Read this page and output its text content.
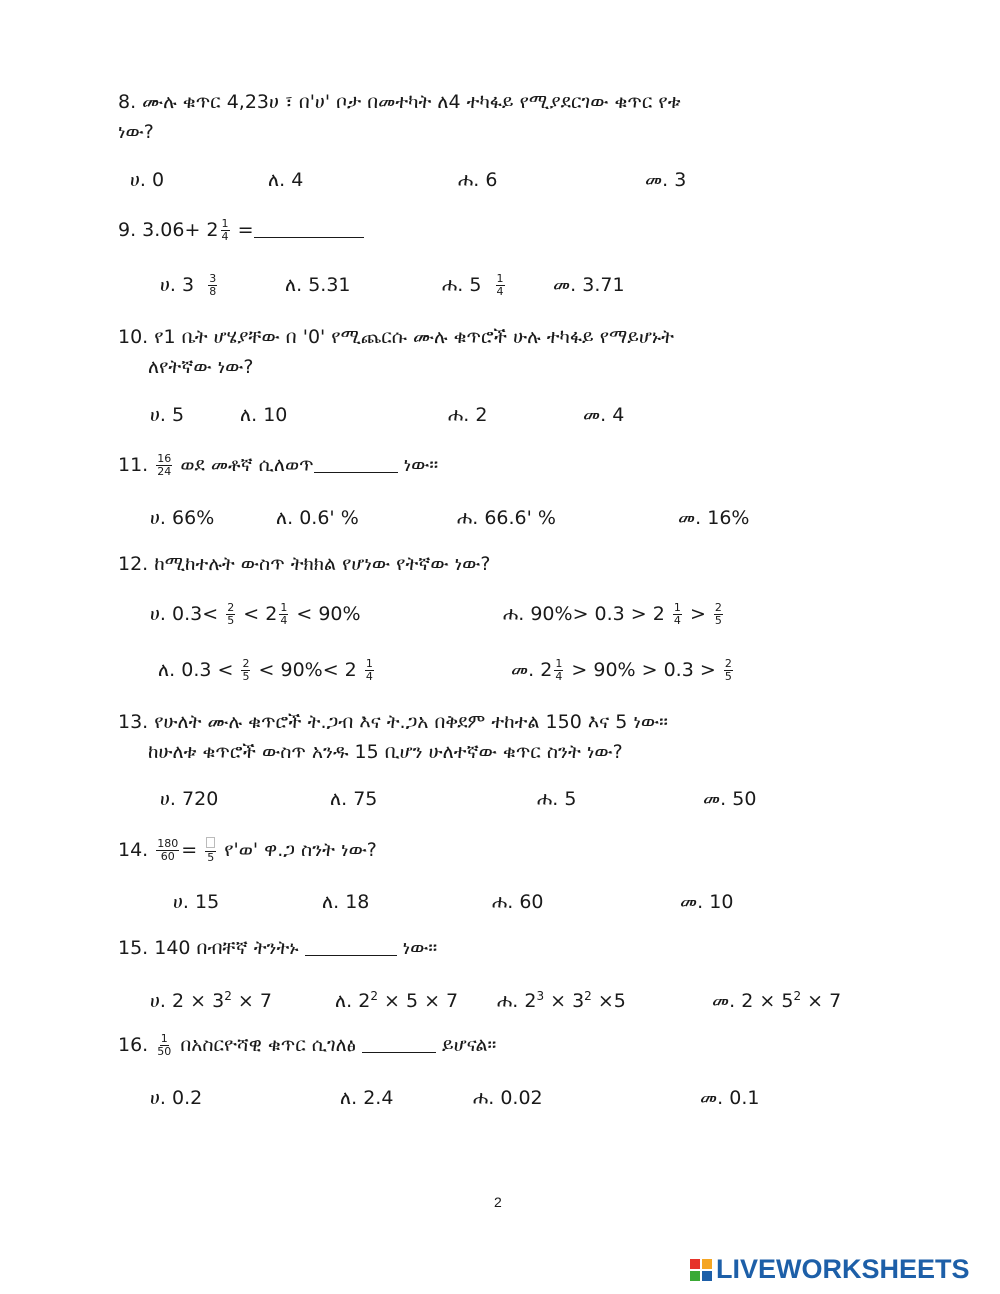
8. ሙሉ ቁጥር 4,23ሀ ፣ በ'ሀ' ቦታ በመተካት ለ4 ተካፋይ የሚያደርገው ቁጥር የቱ
ነው?
ሀ. 0	ለ. 4	ሐ. 6	መ. 3
9. $3.06+ 2 \frac{1}{4}$ =
ሀ. $3 \frac{3}{8}$	ለ. 5.31	ሐ. $5 \frac{1}{4}$	መ. 3.71
10. የ1 ቤት ሆሄያቸው በ '0' የሚጨርሱ ሙሉ ቁጥሮች ሁሉ ተካፋይ የማይሆኑት
ለየትኛው ነው?
ሀ. 5	ለ. 10	ሐ. 2	መ. 4
11. $\frac{16}{24}$ ወደ መቶኛ ሲለወጥ	ነው።
ሀ. 66%	ለ. 0.6' %	ሐ. 66.6' %	መ. 16%
12. ከሚከተሉት ውስጥ ትክክል የሆነው የትኛው ነው?
ሀ. $0.3< \frac{2}{5} < 2 \frac{1}{4} < 90\%$	ሐ. $90\%> 0.3 > 2 \frac{1}{4} > \frac{2}{5}$
ለ. $0.3 < \frac{2}{5} < 90\%< 2 \frac{1}{4}$	መ. $2 \frac{1}{4} > 90\% > 0.3 > \frac{2}{5}$
13. የሁለት ሙሉ ቁጥሮች ት.ጋብ እና ት.ጋአ በቅደም ተከተል 150 እና 5 ነው።
ከሁለቱ ቁጥሮች ውስጥ አንዱ 15 ቢሆን ሁለተኛው ቁጥር ስንት ነው?
ሀ. 720	ለ. 75	ሐ. 5	መ. 50
14. $\frac{180}{60} = 5$ የ'ወ' ዋ.ጋ ስንት ነው?
ሀ. 15	ለ. 18	ሐ. 60	መ. 10
15. 140 በብቸኛ ትንትኑ	ነው።
ሀ. $2 \times 3^2 \times 7$	ለ. $2^2 \times 5 \times 7$ ሐ. $2^3 \times 3^2 \times 5$	መ. $2 \times 5^2 \times 7$
16. $\frac{1}{50}$ በአስርዮሻዊ ቁጥር ሲገለፅ	ይሆናል።
ሀ. 0.2	ለ. 2.4	ሐ. 0.02	መ. 0.1
2
LIVEWORKSHEETS
